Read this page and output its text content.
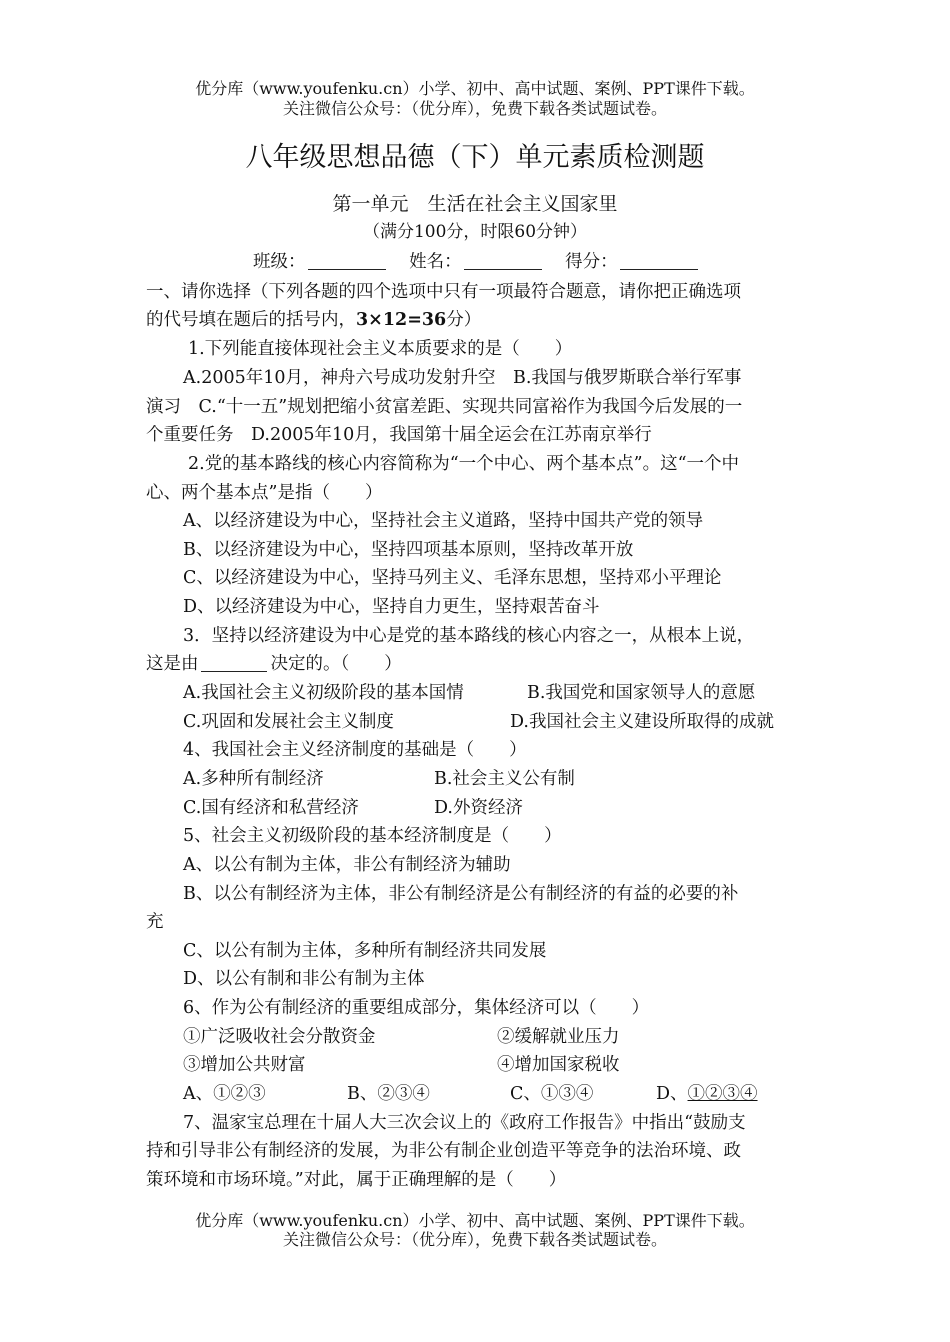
优分库（www.youfenku.cn）小学、初中、高中试题、案例、PPT课件下载。
关注微信公众号：（优分库），免费下载各类试题试卷。
八年级思想品德（下）单元素质检测题
第一单元　生活在社会主义国家里
（满分100分，时限60分钟）
班级：	姓名：	得分：
一、请你选择（下列各题的四个选项中只有一项最符合题意，请你把正确选项
的代号填在题后的括号内，3×12=36分）
1.下列能直接体现社会主义本质要求的是（　　）
A.2005年10月，神舟六号成功发射升空　B.我国与俄罗斯联合举行军事
演习　C.“十一五”规划把缩小贫富差距、实现共同富裕作为我国今后发展的一
个重要任务　D.2005年10月，我国第十届全运会在江苏南京举行
2.党的基本路线的核心内容简称为“一个中心、两个基本点”。这“一个中
心、两个基本点”是指（　　）
A、以经济建设为中心，坚持社会主义道路，坚持中国共产党的领导
B、以经济建设为中心，坚持四项基本原则，坚持改革开放
C、以经济建设为中心，坚持马列主义、毛泽东思想，坚持邓小平理论
D、以经济建设为中心，坚持自力更生，坚持艰苦奋斗
3．坚持以经济建设为中心是党的基本路线的核心内容之一，从根本上说，
这是由	决定的。（　　）
A.我国社会主义初级阶段的基本国情	B.我国党和国家领导人的意愿
C.巩固和发展社会主义制度	D.我国社会主义建设所取得的成就
4、我国社会主义经济制度的基础是（　　）
A.多种所有制经济	B.社会主义公有制
C.国有经济和私营经济	D.外资经济
5、社会主义初级阶段的基本经济制度是（　　）
A、以公有制为主体，非公有制经济为辅助
B、以公有制经济为主体，非公有制经济是公有制经济的有益的必要的补
充
C、以公有制为主体，多种所有制经济共同发展
D、以公有制和非公有制为主体
6、作为公有制经济的重要组成部分，集体经济可以（　　）
①广泛吸收社会分散资金	②缓解就业压力
③增加公共财富	④增加国家税收
A、①②③	B、②③④	C、①③④	D、①②③④
7、温家宝总理在十届人大三次会议上的《政府工作报告》中指出“鼓励支
持和引导非公有制经济的发展，为非公有制企业创造平等竞争的法治环境、政
策环境和市场环境。”对此，属于正确理解的是（　　）
优分库（www.youfenku.cn）小学、初中、高中试题、案例、PPT课件下载。
关注微信公众号：（优分库），免费下载各类试题试卷。
